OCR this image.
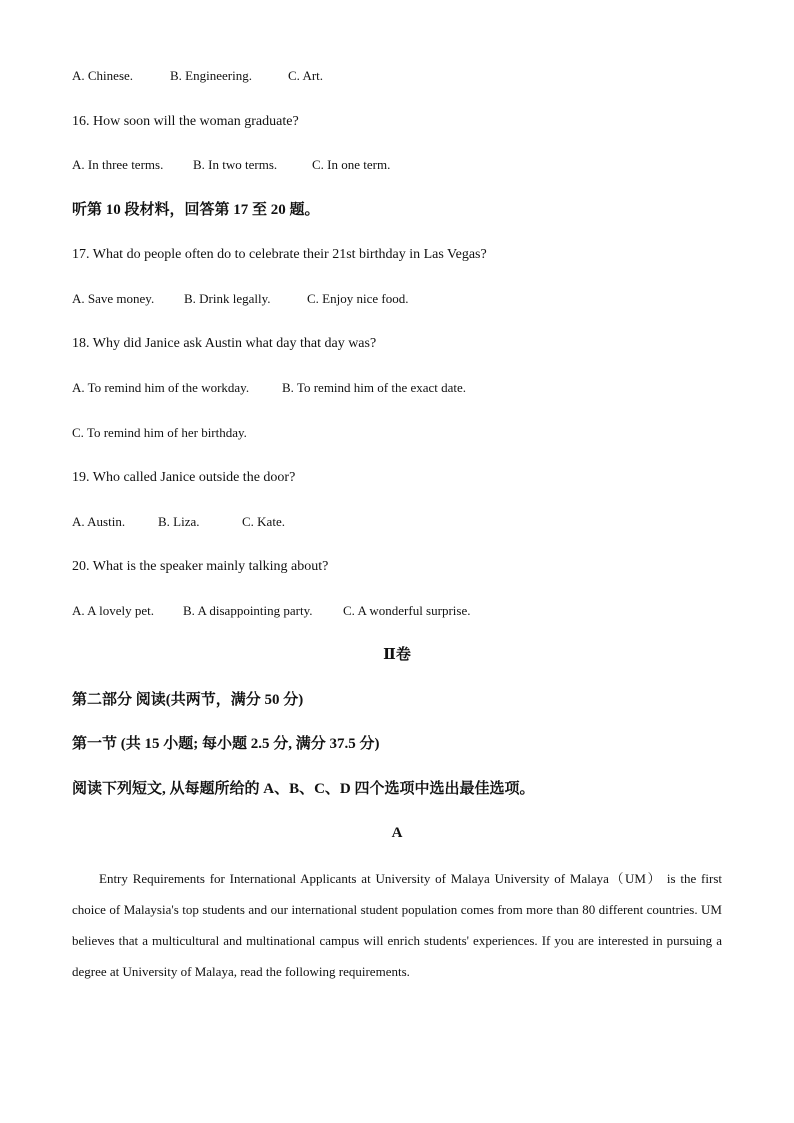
A. Chinese.	B. Engineering.	C. Art.
16. How soon will the woman graduate?
A. In three terms. B. In two terms.	C. In one term.
听第 10 段材料，回答第 17 至 20 题。
17. What do people often do to celebrate their 21st birthday in Las Vegas?
A. Save money. B. Drink legally.	C. Enjoy nice food.
18. Why did Janice ask Austin what day that day was?
A. To remind him of the workday.	B. To remind him of the exact date.
C. To remind him of her birthday.
19. Who called Janice outside the door?
A. Austin.	B. Liza.	C. Kate.
20. What is the speaker mainly talking about?
A. A lovely pet. B. A disappointing party. C. A wonderful surprise.
Ⅱ卷
第二部分 阅读(共两节，满分 50 分)
第一节 (共 15 小题; 每小题 2.5 分, 满分 37.5 分)
阅读下列短文, 从每题所给的 A、B、C、D 四个选项中选出最佳选项。
A
Entry Requirements for International Applicants at University of Malaya University of Malaya（UM） is the first choice of Malaysia's top students and our international student population comes from more than 80 different countries. UM believes that a multicultural and multinational campus will enrich students' experiences. If you are interested in pursuing a degree at University of Malaya, read the following requirements.
